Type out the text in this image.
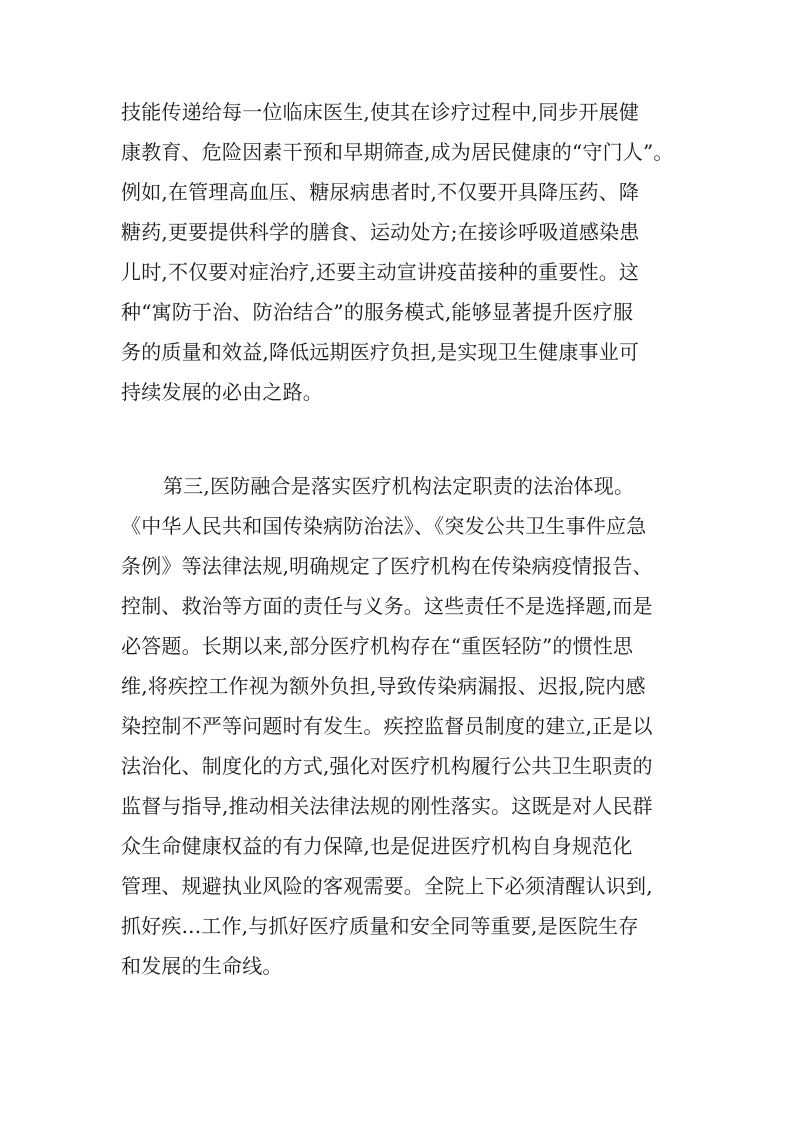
技能传递给每一位临床医生,使其在诊疗过程中,同步开展健
康教育、危险因素干预和早期筛查,成为居民健康的“守门人”。
例如,在管理高血压、糖尿病患者时,不仅要开具降压药、降
糖药,更要提供科学的膳食、运动处方;在接诊呼吸道感染患
儿时,不仅要对症治疗,还要主动宣讲疫苗接种的重要性。这
种“寓防于治、防治结合”的服务模式,能够显著提升医疗服
务的质量和效益,降低远期医疗负担,是实现卫生健康事业可
持续发展的必由之路。
第三,医防融合是落实医疗机构法定职责的法治体现。
《中华人民共和国传染病防治法》、《突发公共卫生事件应急
条例》等法律法规,明确规定了医疗机构在传染病疫情报告、
控制、救治等方面的责任与义务。这些责任不是选择题,而是
必答题。长期以来,部分医疗机构存在“重医轻防”的惯性思
维,将疾控工作视为额外负担,导致传染病漏报、迟报,院内感
染控制不严等问题时有发生。疾控监督员制度的建立,正是以
法治化、制度化的方式,强化对医疗机构履行公共卫生职责的
监督与指导,推动相关法律法规的刚性落实。这既是对人民群
众生命健康权益的有力保障,也是促进医疗机构自身规范化
管理、规避执业风险的客观需要。全院上下必须清醒认识到,
抓好疾...工作,与抓好医疗质量和安全同等重要,是医院生存
和发展的生命线。
